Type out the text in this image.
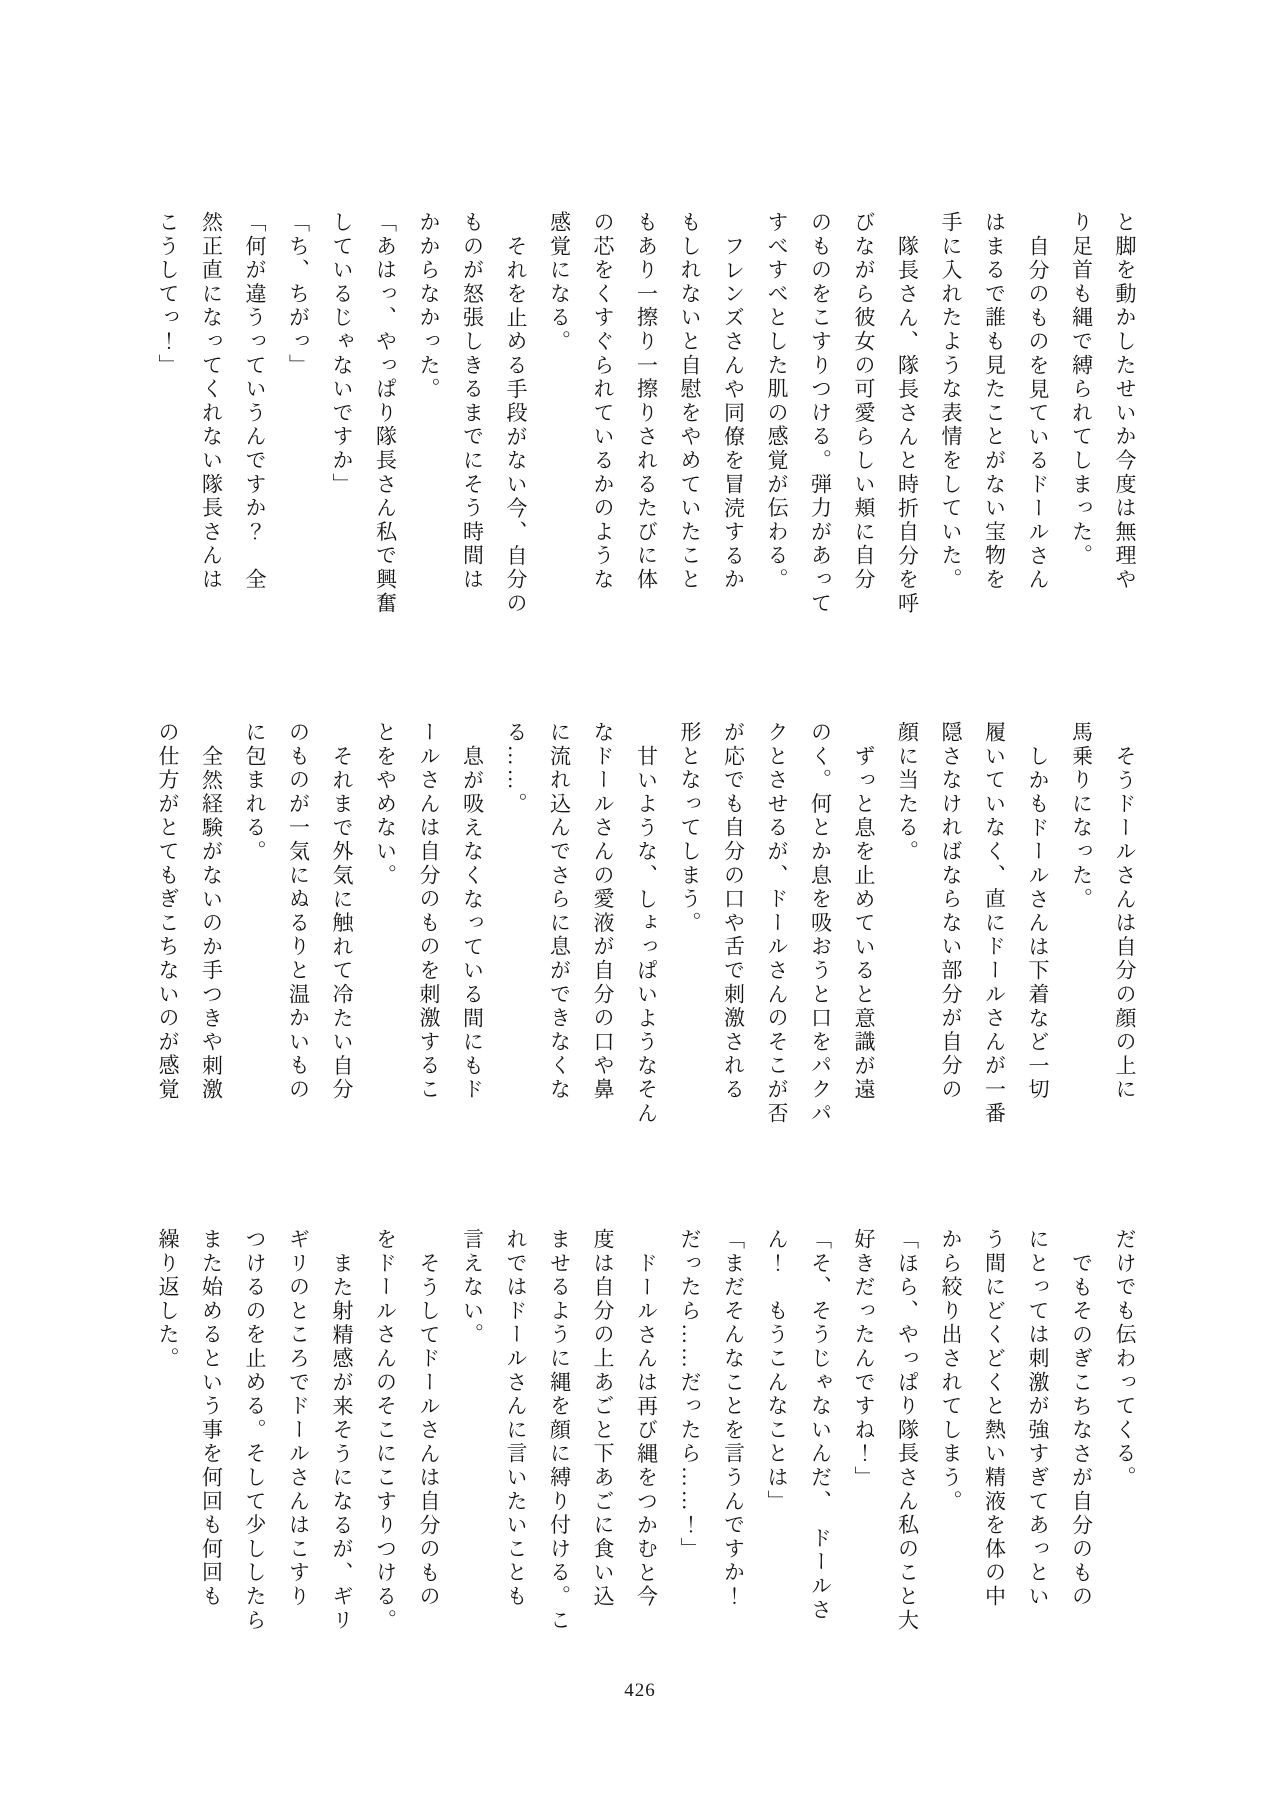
と脚を動かしたせいか今度は無理や

り足首も縄で縛られてしまった。

自分のものを見ているドールさん

はまるで誰も見たことがない宝物を

手に入れたような表情をしていた。

隊長さん、隊長さんと時折自分を呼

びながら彼女の可愛らしい頬に自分

のものをこすりつける。弾力があって

すべすべとした肌の感覚が伝わる。

フレンズさんや同僚を冒涜するか

もしれないと自慰をやめていたこと

もあり一擦り一擦りされるたびに体

の芯をくすぐられているかのような

感覚になる。

それを止める手段がない今、自分の

ものが怒張しきるまでにそう時間は

かからなかった。

「あはっ、やっぱり隊長さん私で興奮

しているじゃないですか」

「ち、ちがっ」

「何が違うっていうんですか？　全

然正直になってくれない隊長さんは

こうしてっ！」

そうドールさんは自分の顔の上に

馬乗りになった。

しかもドールさんは下着など一切

履いていなく、直にドールさんが一番

隠さなければならない部分が自分の

顔に当たる。

ずっと息を止めていると意識が遠

のく。何とか息を吸おうと口をパクパ

クとさせるが、ドールさんのそこが否

が応でも自分の口や舌で刺激される

形となってしまう。

甘いような、しょっぱいようなそん

なドールさんの愛液が自分の口や鼻

に流れ込んでさらに息ができなくな

る……。

息が吸えなくなっている間にもド

ールさんは自分のものを刺激するこ

とをやめない。

それまで外気に触れて冷たい自分

のものが一気にぬるりと温かいもの

に包まれる。

全然経験がないのか手つきや刺激

の仕方がとてもぎこちないのが感覚

だけでも伝わってくる。

でもそのぎこちなさが自分のもの

にとっては刺激が強すぎてあっとい

う間にどくどくと熱い精液を体の中

から絞り出されてしまう。

「ほら、やっぱり隊長さん私のこと大

好きだったんですね！」

「そ、そうじゃないんだ、　ドールさ

ん！　もうこんなことは」

「まだそんなことを言うんですか！

だったら……だったら……！」

ドールさんは再び縄をつかむと今

度は自分の上あごと下あごに食い込

ませるように縄を顔に縛り付ける。こ

れではドールさんに言いたいことも

言えない。

そうしてドールさんは自分のもの

をドールさんのそこにこすりつける。

また射精感が来そうになるが、ギリ

ギリのところでドールさんはこすり

つけるのを止める。そして少ししたら

また始めるという事を何回も何回も

繰り返した。

426
